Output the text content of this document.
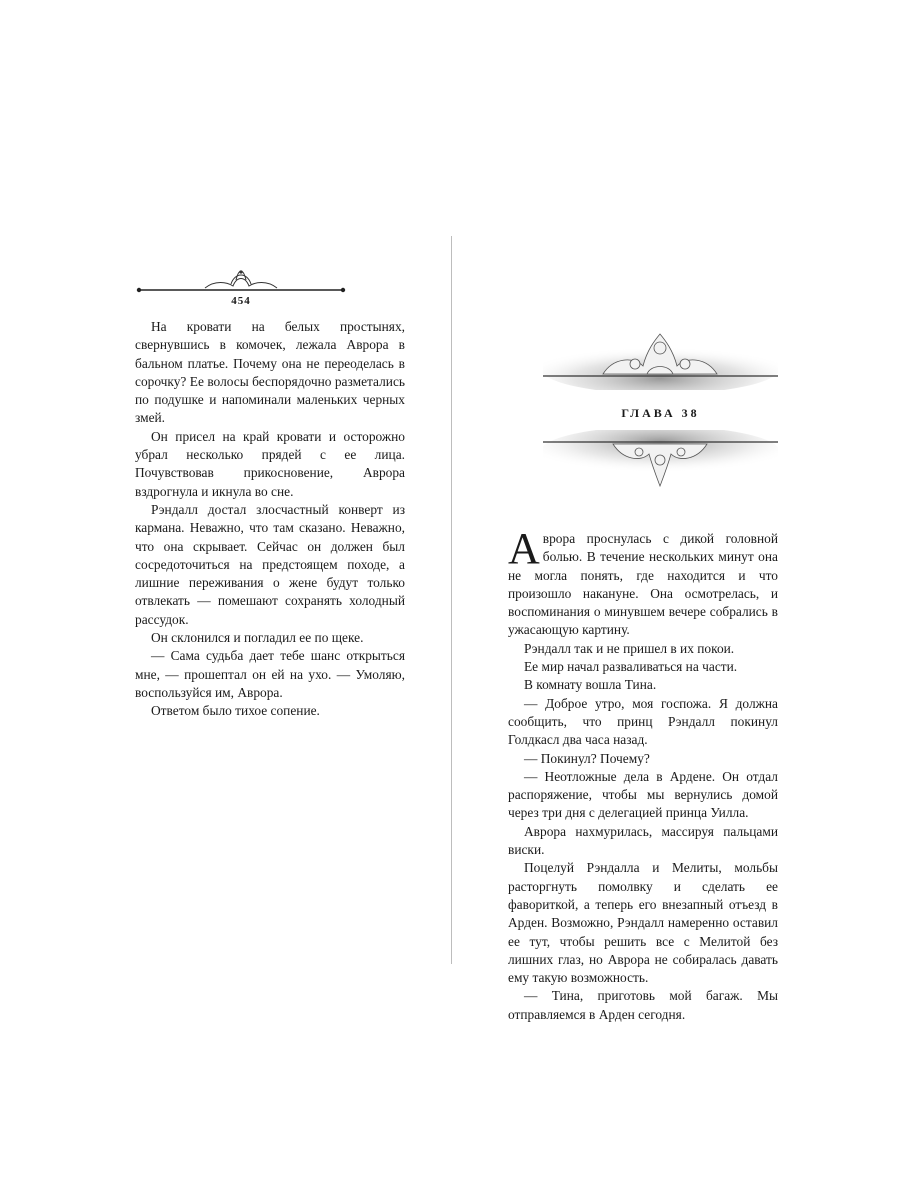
454

На кровати на белых простынях, свернувшись в комочек, лежала Аврора в бальном платье. Почему она не переоделась в сорочку? Ее волосы беспорядочно разметались по подушке и напоминали маленьких черных змей.

Он присел на край кровати и осторожно убрал несколько прядей с ее лица. Почувствовав прикосновение, Аврора вздрогнула и икнула во сне.

Рэндалл достал злосчастный конверт из кармана. Неважно, что там сказано. Неважно, что она скрывает. Сейчас он должен был сосредоточиться на предстоящем походе, а лишние переживания о жене будут только отвлекать — помешают сохранять холодный рассудок.

Он склонился и погладил ее по щеке.

— Сама судьба дает тебе шанс открыться мне, — прошептал он ей на ухо. — Умоляю, воспользуйся им, Аврора.

Ответом было тихое сопение.

ГЛАВА 38

Аврора проснулась с дикой головной болью. В течение нескольких минут она не могла понять, где находится и что произошло накануне. Она осмотрелась, и воспоминания о минувшем вечере собрались в ужасающую картину.

Рэндалл так и не пришел в их покои.

Ее мир начал разваливаться на части.

В комнату вошла Тина.

— Доброе утро, моя госпожа. Я должна сообщить, что принц Рэндалл покинул Голдкасл два часа назад.

— Покинул? Почему?

— Неотложные дела в Ардене. Он отдал распоряжение, чтобы мы вернулись домой через три дня с делегацией принца Уилла.

Аврора нахмурилась, массируя пальцами виски.

Поцелуй Рэндалла и Мелиты, мольбы расторгнуть помолвку и сделать ее фавориткой, а теперь его внезапный отъезд в Арден. Возможно, Рэндалл намеренно оставил ее тут, чтобы решить все с Мелитой без лишних глаз, но Аврора не собиралась давать ему такую возможность.

— Тина, приготовь мой багаж. Мы отправляемся в Арден сегодня.
